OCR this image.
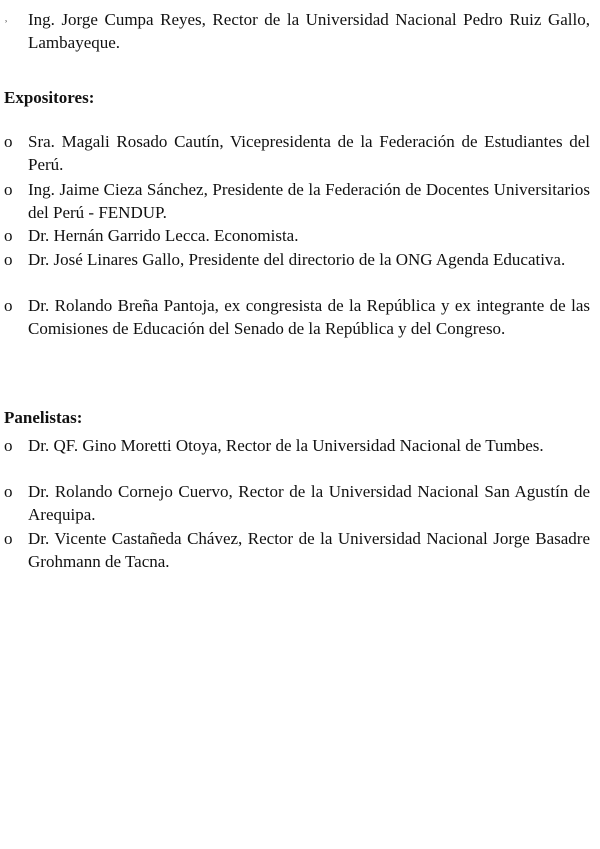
˒	Ing. Jorge Cumpa Reyes, Rector de la Universidad Nacional Pedro Ruiz Gallo, Lambayeque.
Expositores:
o Sra. Magali Rosado Cautín, Vicepresidenta de la Federación de Estudiantes del Perú.
o Ing. Jaime Cieza Sánchez, Presidente de la Federación de Docentes Universitarios del Perú - FENDUP.
o Dr. Hernán Garrido Lecca. Economista.
o Dr. José Linares Gallo, Presidente del directorio de la ONG Agenda Educativa.
o Dr. Rolando Breña Pantoja, ex congresista de la República y ex integrante de las Comisiones de Educación del Senado de la República y del Congreso.
Panelistas:
o Dr. QF. Gino Moretti Otoya, Rector de la Universidad Nacional de Tumbes.
o Dr. Rolando Cornejo Cuervo, Rector de la Universidad Nacional San Agustín de Arequipa.
o Dr. Vicente Castañeda Chávez, Rector de la Universidad Nacional Jorge Basadre Grohmann de Tacna.
